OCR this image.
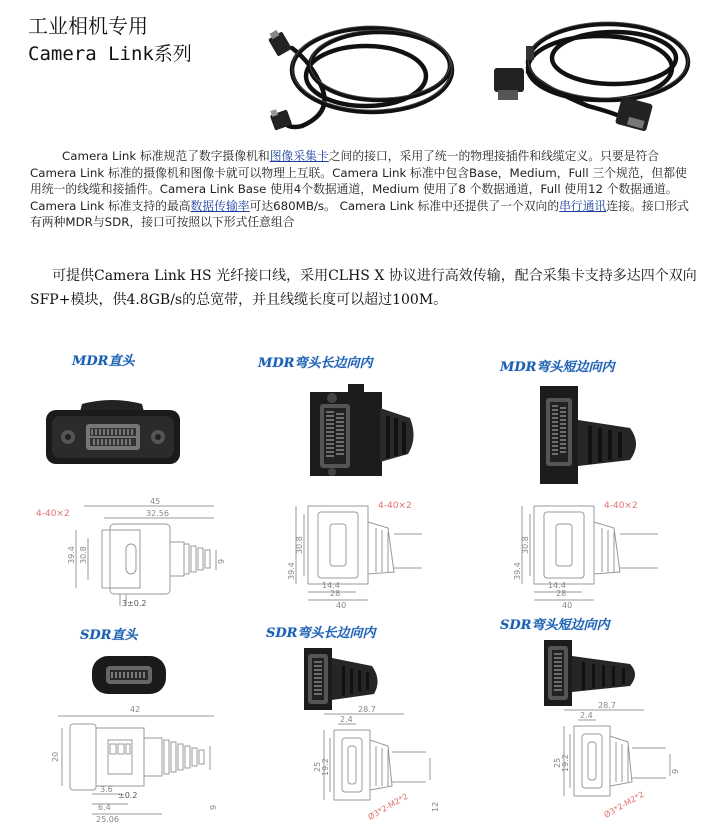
工业相机专用
Camera Link系列
Camera Link 标准规范了数字摄像机和图像采集卡之间的接口，采用了统一的物理接插件和线缆定义。只要是符合Camera Link 标准的摄像机和图像卡就可以物理上互联。Camera Link 标准中包含Base，Medium，Full 三个规范，但都使用统一的线缆和接插件。Camera Link Base 使用4个数据通道，Medium 使用了8 个数据通道，Full 使用12 个数据通道。Camera Link 标准支持的最高数据传输率可达680MB/s。 Camera Link 标准中还提供了一个双向的串行通讯连接。接口形式有两种MDR与SDR，接口可按照以下形式任意组合
可提供Camera Link HS 光纤接口线，采用CLHS X 协议进行高效传输，配合采集卡支持多达四个双向SFP+模块，供4.8GB/s的总宽带，并且线缆长度可以超过100M。
MDR直头	MDR弯头长边向内	MDR弯头短边向内
SDR直头	SDR弯头长边向内
SDR弯头短边向内
4-40×2
45
32.56
39.4 30.8
3±0.2
9
4-40×2
30.8
39.4
14.4
28
40
4-40×2
30.8
39.4
14.4
28
40
42
20
3.6
±0.2
6.4
25.06
9
28.7
2.4
19.2
25
12
Ø3*2-M2*2
28.7
2.4
19.2
25
9
Ø3*2-M2*2
